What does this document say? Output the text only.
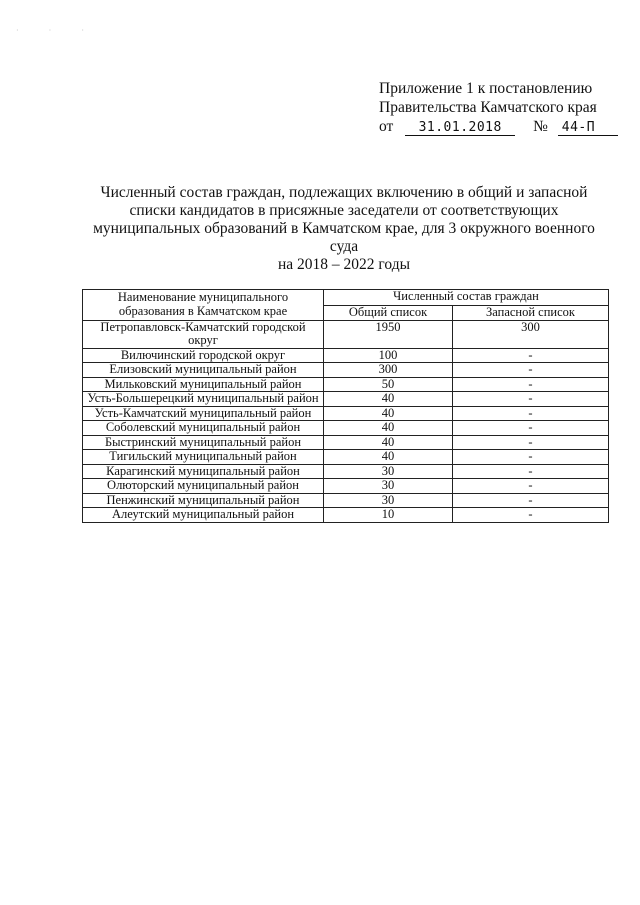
· · ·
Приложение 1 к постановлению
Правительства Камчатского края
от 31.01.2018 № 44-П
Численный состав граждан, подлежащих включению в общий и запасной
списки кандидатов в присяжные заседатели от соответствующих
муниципальных образований в Камчатском крае, для 3 окружного военного
суда
на 2018 – 2022 годы
Наименование муниципального образования в Камчатском крае	Численный состав граждан	
	Общий список	Запасной список
Петропавловск-Камчатский городской округ	1950	300
Вилючинский городской округ	100	-
Елизовский муниципальный район	300	-
Мильковский муниципальный район	50	-
Усть-Большерецкий муниципальный район	40	-
Усть-Камчатский муниципальный район	40	-
Соболевский муниципальный район	40	-
Быстринский муниципальный район	40	-
Тигильский муниципальный район	40	-
Карагинский муниципальный район	30	-
Олюторский муниципальный район	30	-
Пенжинский муниципальный район	30	-
Алеутский муниципальный район	10	-
